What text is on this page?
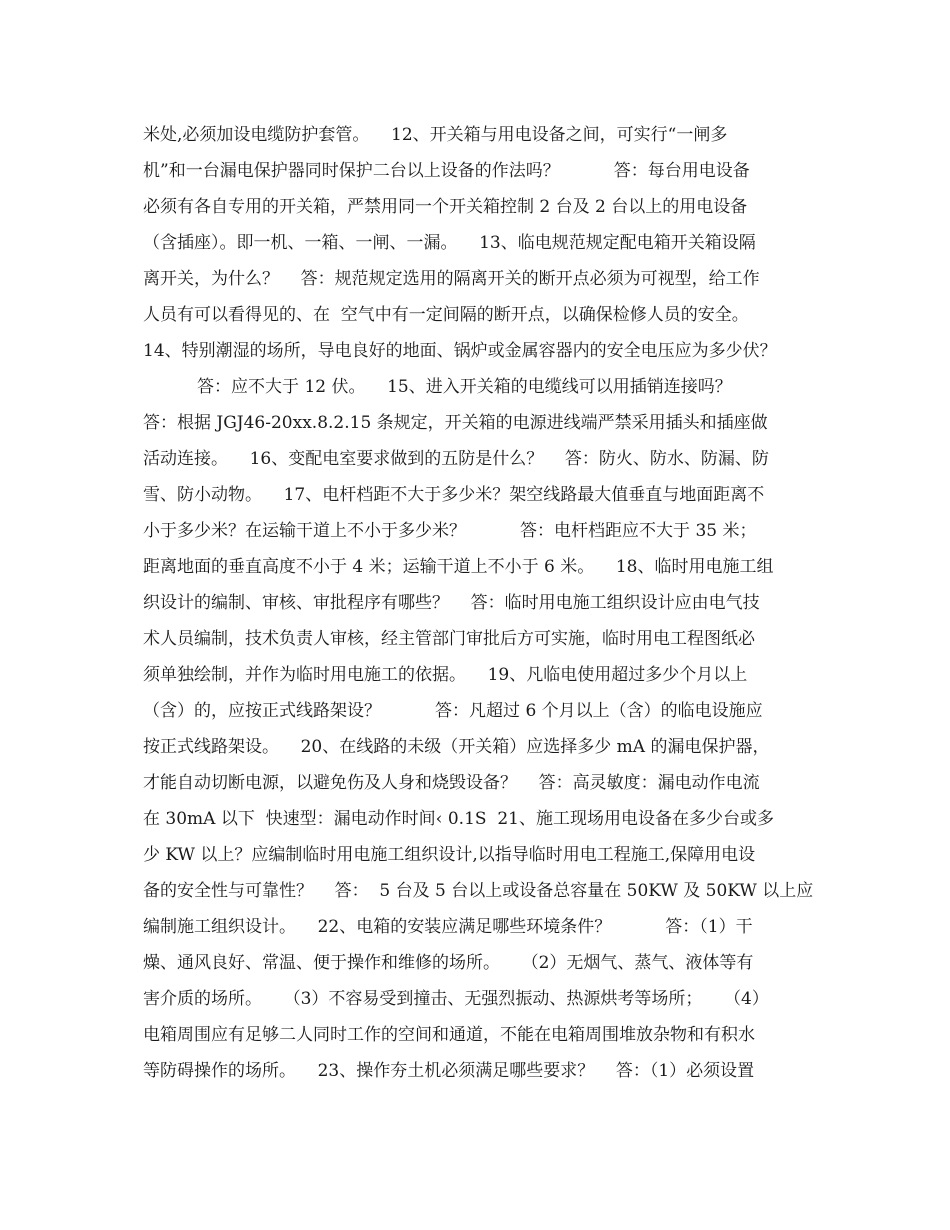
米处,必须加设电缆防护套管。    12、开关箱与用电设备之间，可实行“一闸多
机”和一台漏电保护器同时保护二台以上设备的作法吗？          答：每台用电设备
必须有各自专用的开关箱，严禁用同一个开关箱控制 2 台及 2 台以上的用电设备
（含插座）。即一机、一箱、一闸、一漏。    13、临电规范规定配电箱开关箱设隔
离开关，为什么？    答：规范规定选用的隔离开关的断开点必须为可视型，给工作
人员有可以看得见的、在  空气中有一定间隔的断开点，以确保检修人员的安全。
14、特别潮湿的场所，导电良好的地面、锅炉或金属容器内的安全电压应为多少伏？
答：应不大于 12 伏。    15、进入开关箱的电缆线可以用插销连接吗？
答：根据 JGJ46-20xx.8.2.15 条规定，开关箱的电源进线端严禁采用插头和插座做
活动连接。    16、变配电室要求做到的五防是什么？    答：防火、防水、防漏、防
雪、防小动物。    17、电杆档距不大于多少米？架空线路最大值垂直与地面距离不
小于多少米？在运输干道上不小于多少米？          答：电杆档距应不大于 35 米；
距离地面的垂直高度不小于 4 米；运输干道上不小于 6 米。    18、临时用电施工组
织设计的编制、审核、审批程序有哪些？    答：临时用电施工组织设计应由电气技
术人员编制，技术负责人审核，经主管部门审批后方可实施，临时用电工程图纸必
须单独绘制，并作为临时用电施工的依据。    19、凡临电使用超过多少个月以上
（含）的，应按正式线路架设？          答：凡超过 6 个月以上（含）的临电设施应
按正式线路架设。    20、在线路的未级（开关箱）应选择多少 mA 的漏电保护器，
才能自动切断电源，以避免伤及人身和烧毁设备？    答：高灵敏度：漏电动作电流
在 30mA 以下  快速型：漏电动作时间‹ 0.1S  21、施工现场用电设备在多少台或多
少 KW 以上？应编制临时用电施工组织设计,以指导临时用电工程施工,保障用电设
备的安全性与可靠性？    答：  5 台及 5 台以上或设备总容量在 50KW 及 50KW 以上应
编制施工组织设计。    22、电箱的安装应满足哪些环境条件？          答：（1）干
燥、通风良好、常温、便于操作和维修的场所。    （2）无烟气、蒸气、液体等有
害介质的场所。    （3）不容易受到撞击、无强烈振动、热源烘考等场所；    （4）
电箱周围应有足够二人同时工作的空间和通道，不能在电箱周围堆放杂物和有积水
等防碍操作的场所。    23、操作夯土机必须满足哪些要求？    答：（1）必须设置
